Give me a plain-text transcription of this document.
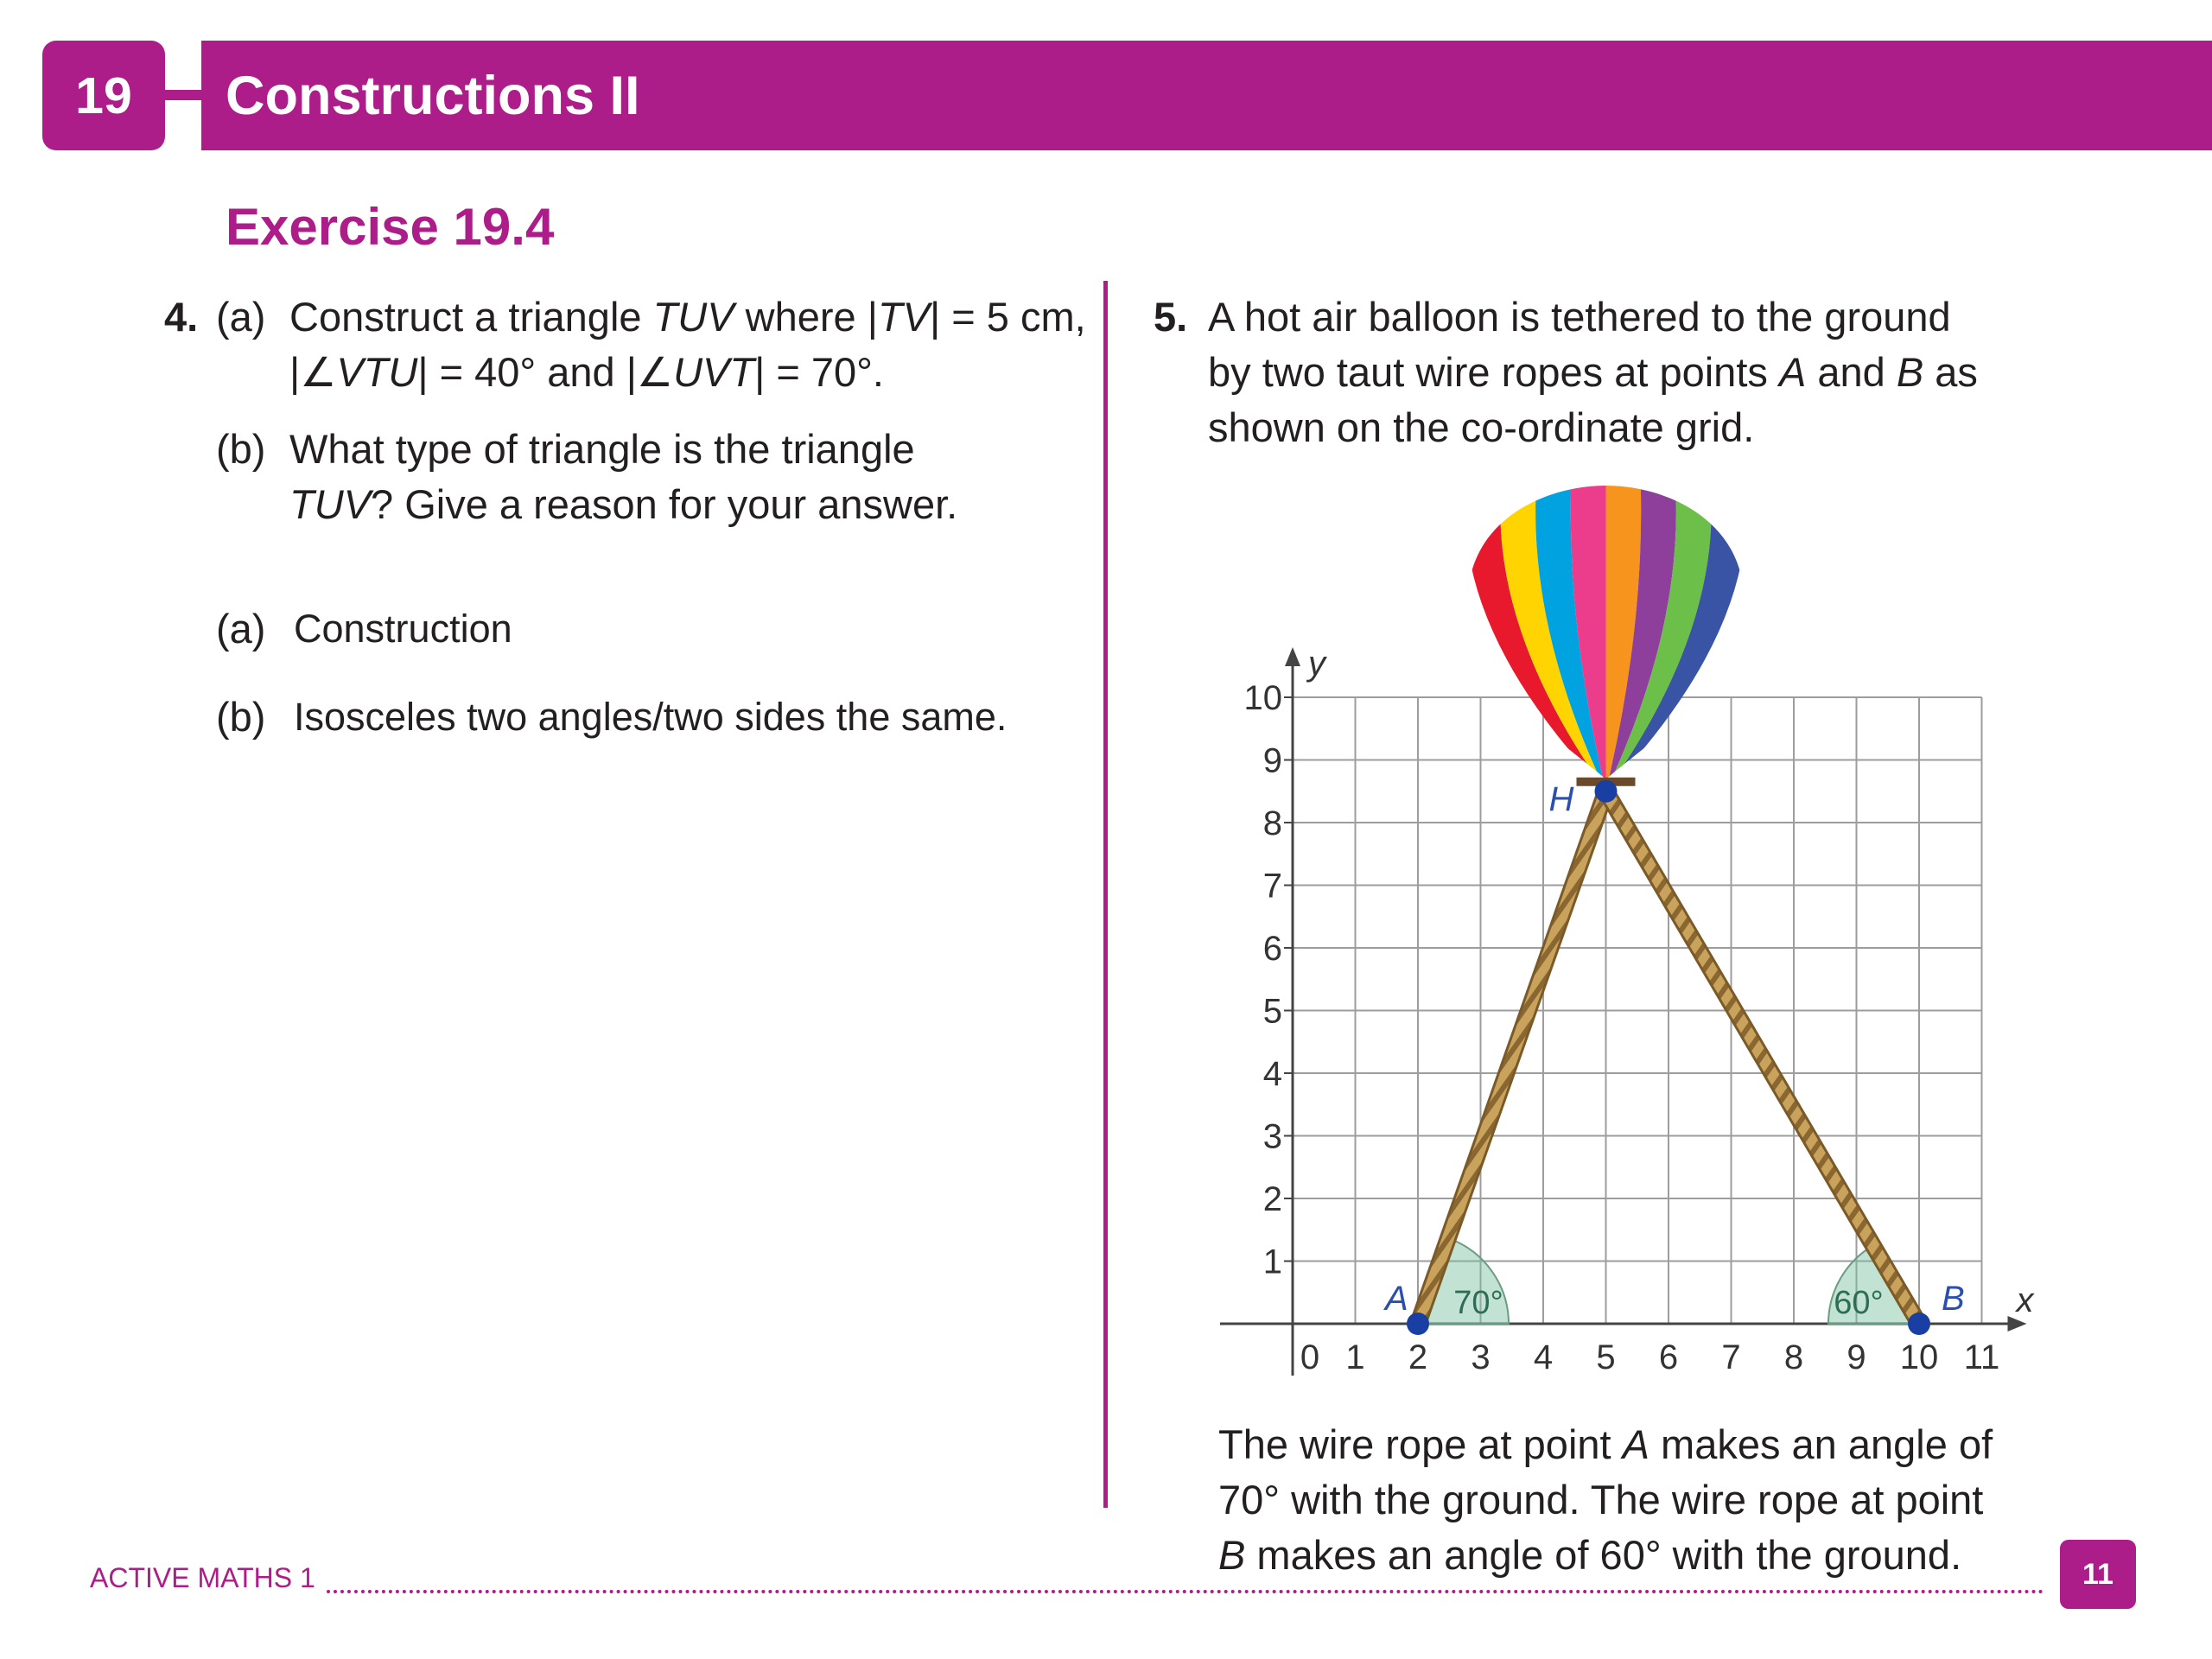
19 Constructions II
Exercise 19.4
4. (a) Construct a triangle TUV where |TV| = 5 cm,
|∠VTU| = 40° and |∠UVT| = 70°.
(b) What type of triangle is the triangle
TUV? Give a reason for your answer.
(a) Construction
(b) Isosceles two angles/two sides the same.
5. A hot air balloon is tethered to the ground
by two taut wire ropes at points A and B as
shown on the co-ordinate grid.
x
y
1
2
3
4
5
6
7
8
9
10
0 1 2 3 4 5 6 7 8 9 10 11
70°	60°
A	B
H
The wire rope at point A makes an angle of
70° with the ground. The wire rope at point
B makes an angle of 60° with the ground.
ACTIVE MATHS 1	11
